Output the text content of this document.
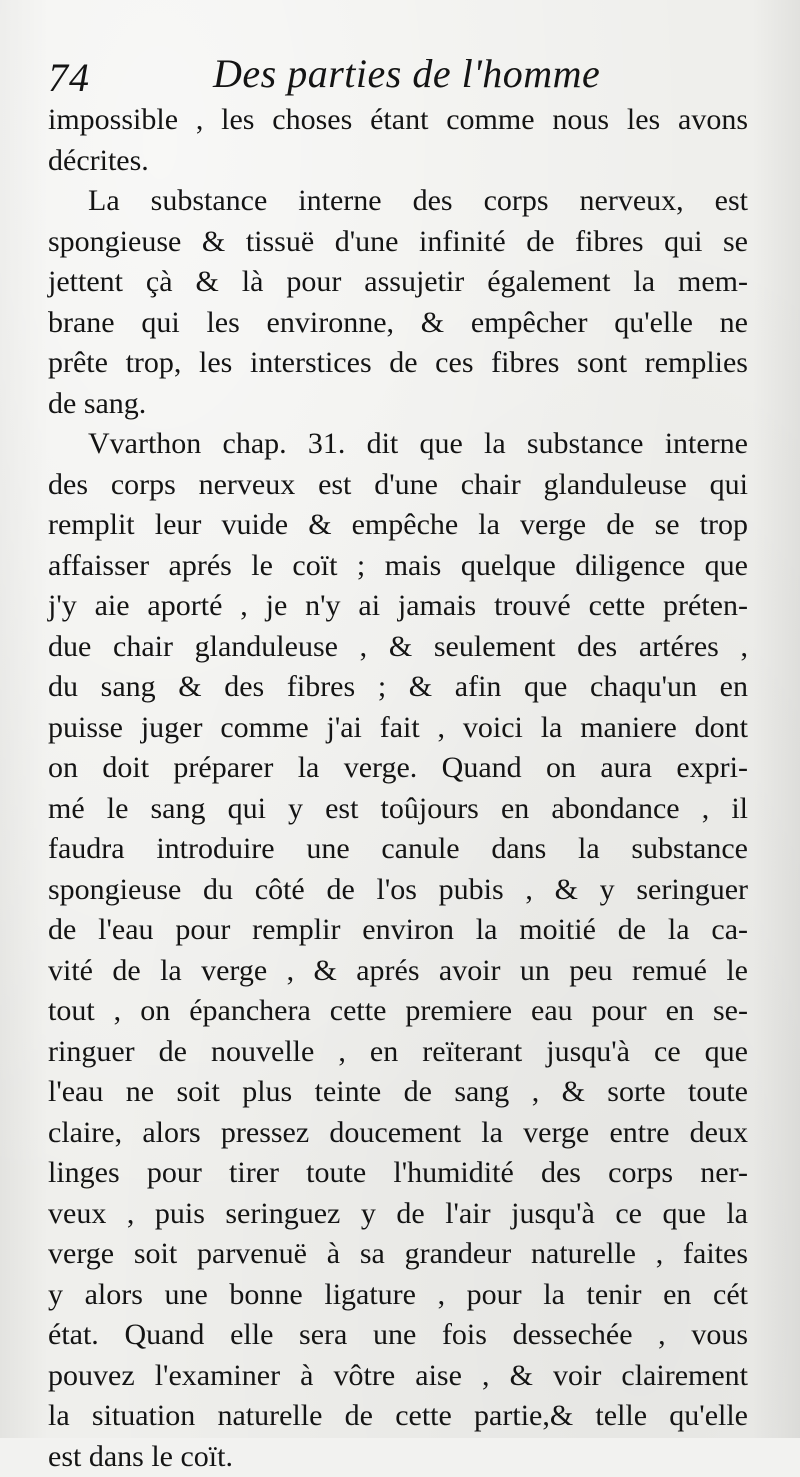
74	Des parties de l'homme
impossible , les choses étant comme nous les avons
décrites.
La substance interne des corps nerveux, est
spongieuse & tissuë d'une infinité de fibres qui se
jettent çà & là pour assujetir également la mem-
brane qui les environne, & empêcher qu'elle ne
prête trop, les interstices de ces fibres sont remplies
de sang.
Vvarthon chap. 31. dit que la substance interne
des corps nerveux est d'une chair glanduleuse qui
remplit leur vuide & empêche la verge de se trop
affaisser aprés le coït ; mais quelque diligence que
j'y aie aporté , je n'y ai jamais trouvé cette préten-
due chair glanduleuse , & seulement des artéres ,
du sang & des fibres ; & afin que chaqu'un en
puisse juger comme j'ai fait , voici la maniere dont
on doit préparer la verge. Quand on aura expri-
mé le sang qui y est toûjours en abondance , il
faudra introduire une canule dans la substance
spongieuse du côté de l'os pubis , & y seringuer
de l'eau pour remplir environ la moitié de la ca-
vité de la verge , & aprés avoir un peu remué le
tout , on épanchera cette premiere eau pour en se-
ringuer de nouvelle , en reïterant jusqu'à ce que
l'eau ne soit plus teinte de sang , & sorte toute
claire, alors pressez doucement la verge entre deux
linges pour tirer toute l'humidité des corps ner-
veux , puis seringuez y de l'air jusqu'à ce que la
verge soit parvenuë à sa grandeur naturelle , faites
y alors une bonne ligature , pour la tenir en cét
état. Quand elle sera une fois dessechée , vous
pouvez l'examiner à vôtre aise , & voir clairement
la situation naturelle de cette partie,& telle qu'elle
est dans le coït.
